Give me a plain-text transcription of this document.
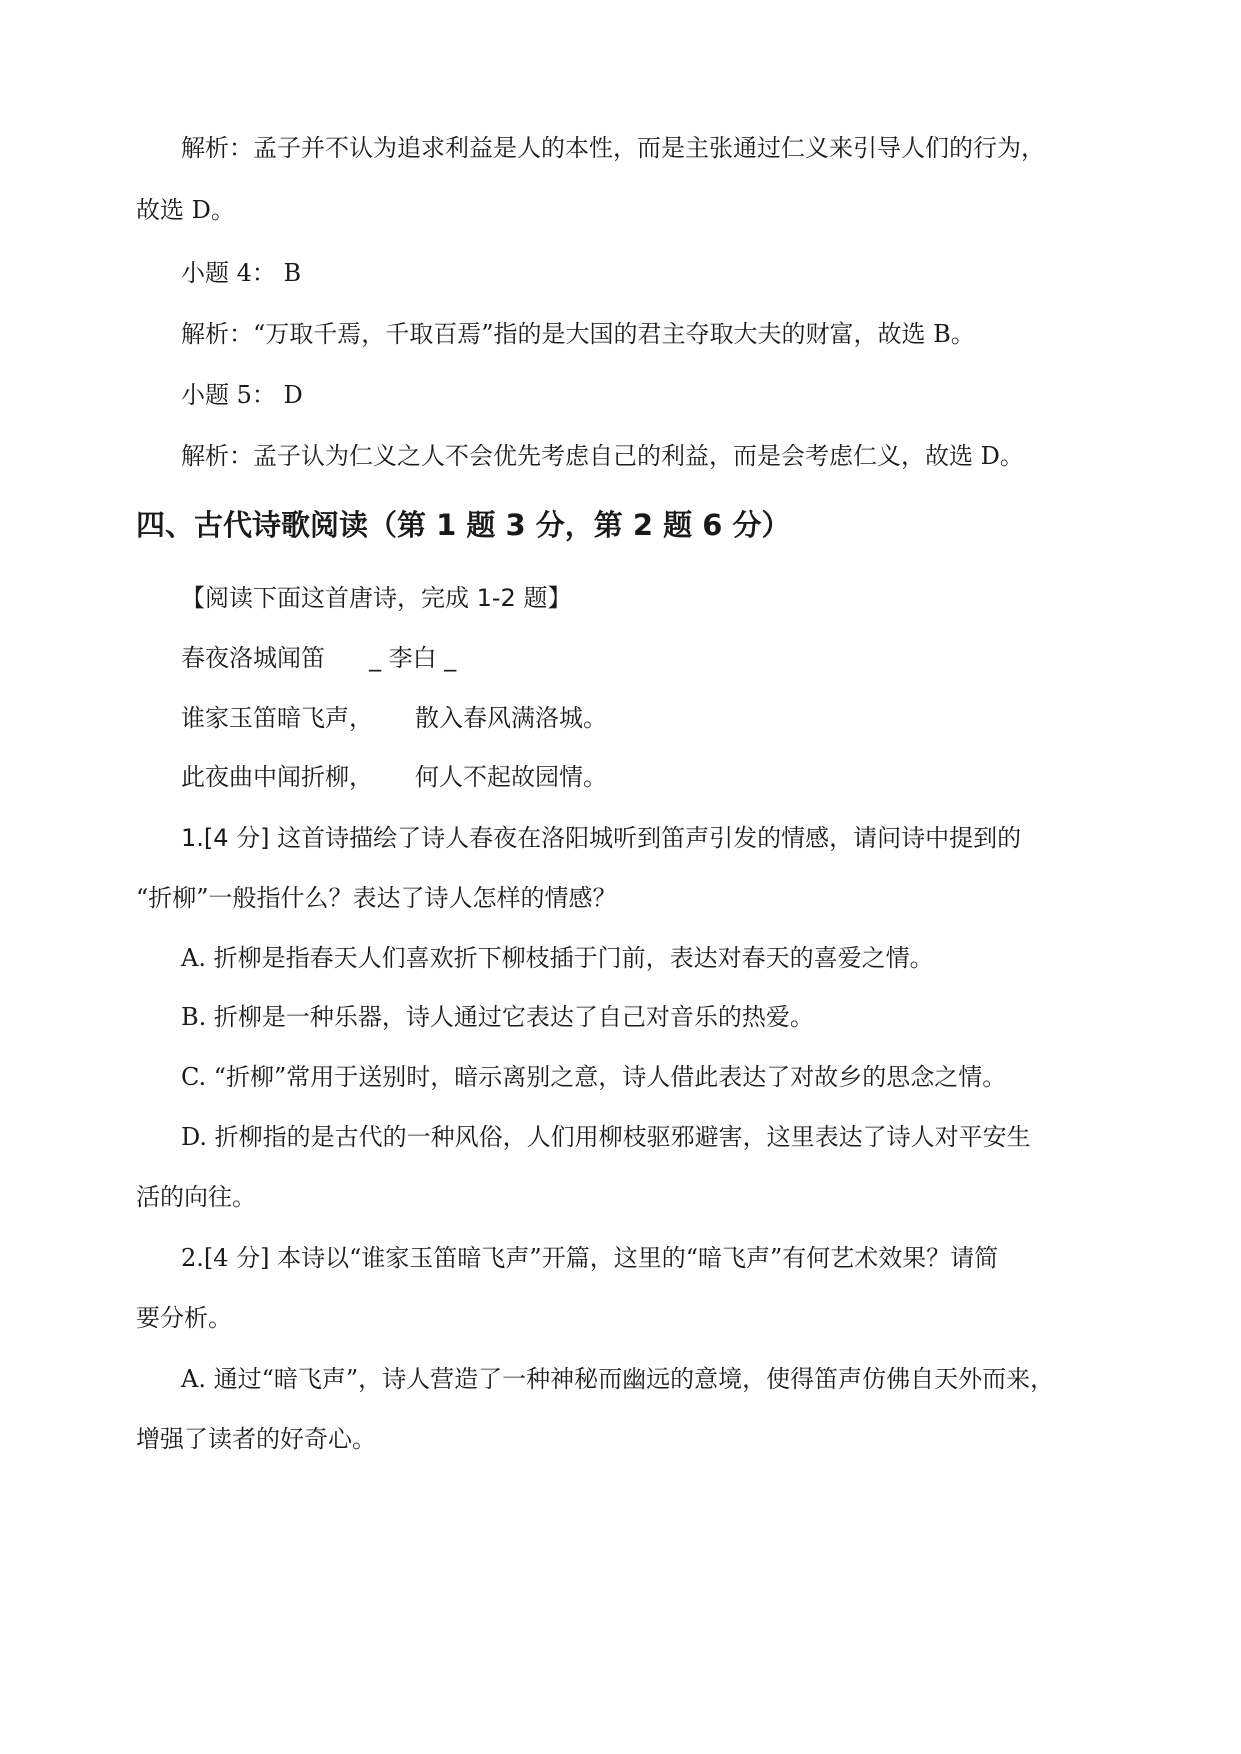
解析：孟子并不认为追求利益是人的本性，而是主张通过仁义来引导人们的行为，
故选 D。
小题 4： B
解析：“万取千焉，千取百焉”指的是大国的君主夺取大夫的财富，故选 B。
小题 5： D
解析：孟子认为仁义之人不会优先考虑自己的利益，而是会考虑仁义，故选 D。
四、古代诗歌阅读（第 1 题 3 分，第 2 题 6 分）
【阅读下面这首唐诗，完成 1-2 题】
春夜洛城闻笛 _ 李白 _
谁家玉笛暗飞声， 散入春风满洛城。
此夜曲中闻折柳， 何人不起故园情。
1.[4 分] 这首诗描绘了诗人春夜在洛阳城听到笛声引发的情感，请问诗中提到的
“折柳”一般指什么？表达了诗人怎样的情感？
A. 折柳是指春天人们喜欢折下柳枝插于门前，表达对春天的喜爱之情。
B. 折柳是一种乐器，诗人通过它表达了自己对音乐的热爱。
C. “折柳”常用于送别时，暗示离别之意，诗人借此表达了对故乡的思念之情。
D. 折柳指的是古代的一种风俗，人们用柳枝驱邪避害，这里表达了诗人对平安生
活的向往。
2.[4 分] 本诗以“谁家玉笛暗飞声”开篇，这里的“暗飞声”有何艺术效果？请简
要分析。
A. 通过“暗飞声”，诗人营造了一种神秘而幽远的意境，使得笛声仿佛自天外而来，
增强了读者的好奇心。
